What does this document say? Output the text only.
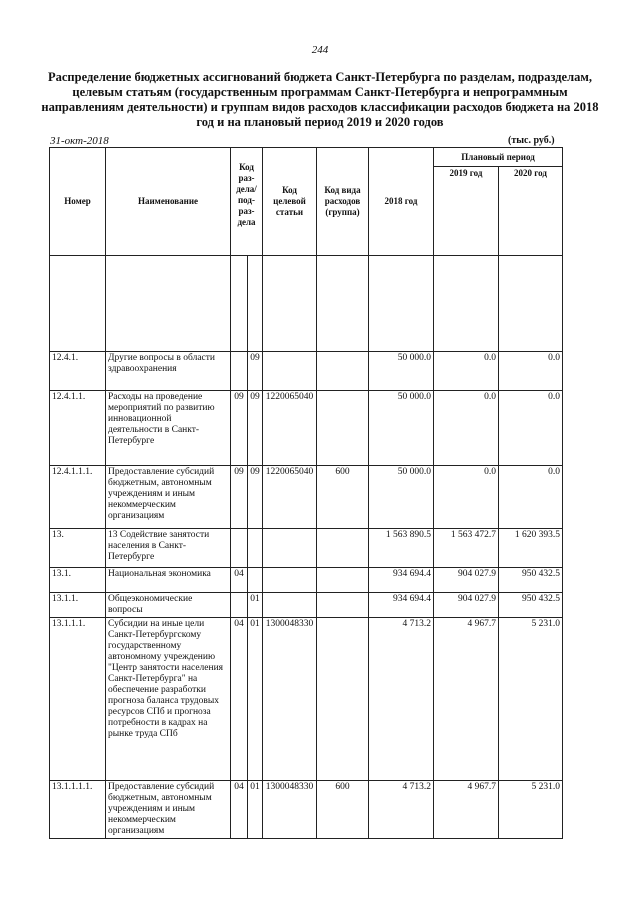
244
Распределение бюджетных ассигнований бюджета Санкт-Петербурга по разделам, подразделам, целевым статьям (государственным программам Санкт-Петербурга и непрограммным направлениям деятельности) и группам видов расходов классификации расходов бюджета на 2018 год и на плановый период 2019 и 2020 годов
31-окт-2018	(тыс. руб.)
Номер	Наименование	Код раз- дела/ под- раз- дела		Код целевой статьи	Код вида расходов (группа)	2018 год	Плановый период	
							2019 год	2020 год

12.4.1.	Другие вопросы в области здравоохранения		09			50 000.0	0.0	0.0
12.4.1.1.	Расходы на проведение мероприятий по развитию инновационной деятельности в Санкт-Петербурге	09	09	1220065040		50 000.0	0.0	0.0
12.4.1.1.1.	Предоставление субсидий бюджетным, автономным учреждениям и иным некоммерческим организациям	09	09	1220065040	600	50 000.0	0.0	0.0
13.	13 Содействие занятости населения в Санкт-Петербурге					1 563 890.5	1 563 472.7	1 620 393.5
13.1.	Национальная экономика	04				934 694.4	904 027.9	950 432.5
13.1.1.	Общеэкономические вопросы		01			934 694.4	904 027.9	950 432.5
13.1.1.1.	Субсидии на иные цели Санкт-Петербургскому государственному автономному учреждению "Центр занятости населения Санкт-Петербурга" на обеспечение разработки прогноза баланса трудовых ресурсов СПб и прогноза потребности в кадрах на рынке труда СПб	04	01	1300048330		4 713.2	4 967.7	5 231.0
13.1.1.1.1.	Предоставление субсидий бюджетным, автономным учреждениям и иным некоммерческим организациям	04	01	1300048330	600	4 713.2	4 967.7	5 231.0
